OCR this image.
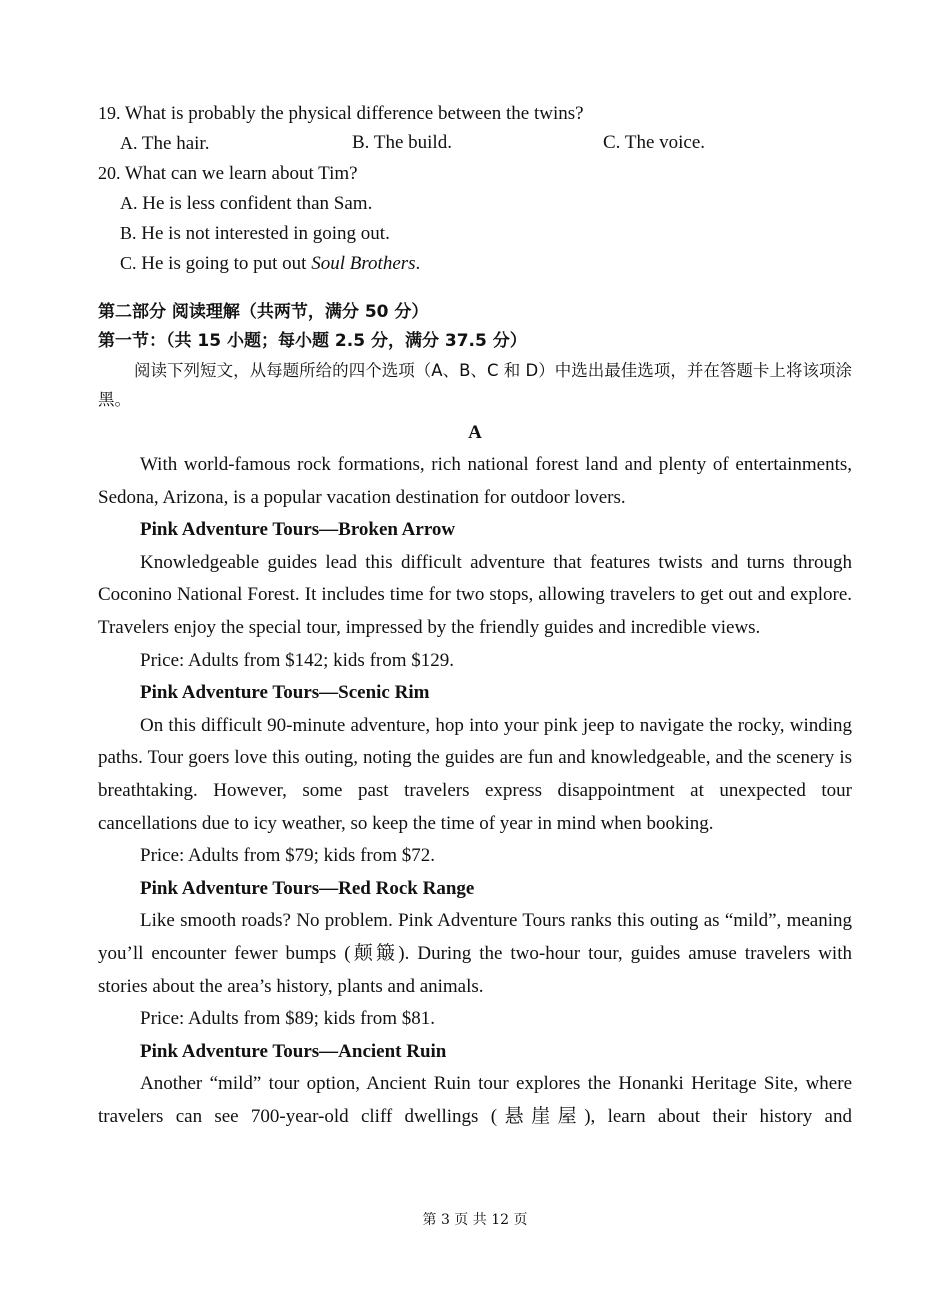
19. What is probably the physical difference between the twins?
A. The hair.	B. The build.	C. The voice.
20. What can we learn about Tim?
A. He is less confident than Sam.
B. He is not interested in going out.
C. He is going to put out Soul Brothers.
第二部分 阅读理解（共两节，满分 50 分）
第一节：（共 15 小题；每小题 2.5 分，满分 37.5 分）
阅读下列短文，从每题所给的四个选项（A、B、C 和 D）中选出最佳选项，并在答题卡上将该项涂黑。
A
With world-famous rock formations, rich national forest land and plenty of entertainments, Sedona, Arizona, is a popular vacation destination for outdoor lovers.
Pink Adventure Tours—Broken Arrow
Knowledgeable guides lead this difficult adventure that features twists and turns through Coconino National Forest. It includes time for two stops, allowing travelers to get out and explore. Travelers enjoy the special tour, impressed by the friendly guides and incredible views.
Price: Adults from $142; kids from $129.
Pink Adventure Tours—Scenic Rim
On this difficult 90-minute adventure, hop into your pink jeep to navigate the rocky, winding paths. Tour goers love this outing, noting the guides are fun and knowledgeable, and the scenery is breathtaking. However, some past travelers express disappointment at unexpected tour cancellations due to icy weather, so keep the time of year in mind when booking.
Price: Adults from $79; kids from $72.
Pink Adventure Tours—Red Rock Range
Like smooth roads? No problem. Pink Adventure Tours ranks this outing as “mild”, meaning you’ll encounter fewer bumps (颠簸). During the two-hour tour, guides amuse travelers with stories about the area’s history, plants and animals.
Price: Adults from $89; kids from $81.
Pink Adventure Tours—Ancient Ruin
Another “mild” tour option, Ancient Ruin tour explores the Honanki Heritage Site, where travelers can see 700-year-old cliff dwellings (悬崖屋), learn about their history and
第 3 页 共 12 页
